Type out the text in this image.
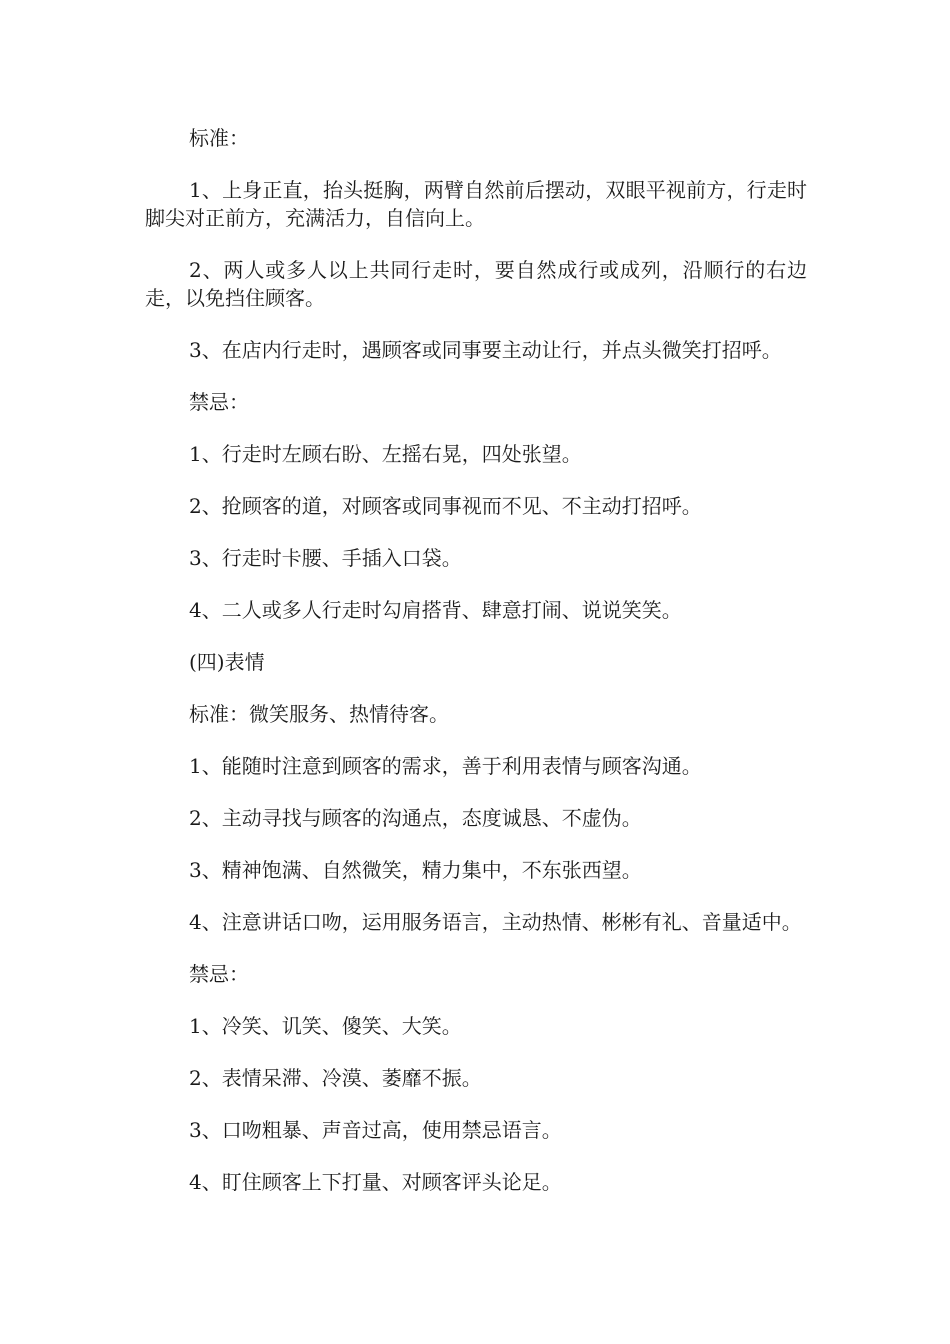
标准：

1、上身正直，抬头挺胸，两臂自然前后摆动，双眼平视前方，行走时脚尖对正前方，充满活力，自信向上。

2、两人或多人以上共同行走时，要自然成行或成列，沿顺行的右边走，以免挡住顾客。

3、在店内行走时，遇顾客或同事要主动让行，并点头微笑打招呼。

禁忌：

1、行走时左顾右盼、左摇右晃，四处张望。

2、抢顾客的道，对顾客或同事视而不见、不主动打招呼。

3、行走时卡腰、手插入口袋。

4、二人或多人行走时勾肩搭背、肆意打闹、说说笑笑。

(四)表情

标准：微笑服务、热情待客。

1、能随时注意到顾客的需求，善于利用表情与顾客沟通。

2、主动寻找与顾客的沟通点，态度诚恳、不虚伪。

3、精神饱满、自然微笑，精力集中，不东张西望。

4、注意讲话口吻，运用服务语言，主动热情、彬彬有礼、音量适中。

禁忌：

1、冷笑、讥笑、傻笑、大笑。

2、表情呆滞、冷漠、萎靡不振。

3、口吻粗暴、声音过高，使用禁忌语言。

4、盯住顾客上下打量、对顾客评头论足。
